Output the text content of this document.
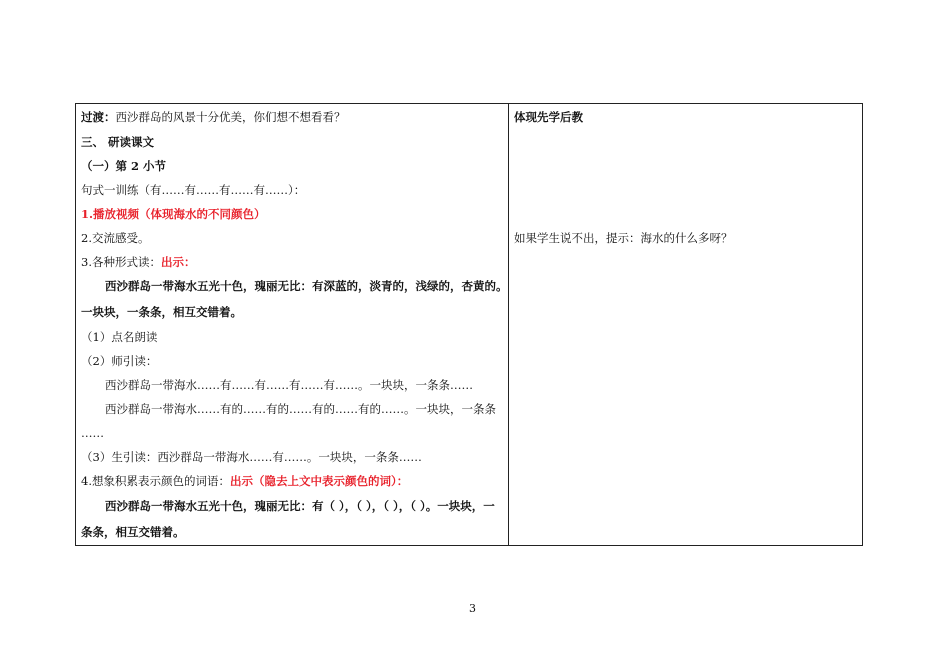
过渡：西沙群岛的风景十分优美，你们想不想看看？
三、 研读课文
（一）第 2 小节
句式一训练（有……有……有……有……）：
1.播放视频（体现海水的不同颜色）
2.交流感受。
3.各种形式读：出示：
西沙群岛一带海水五光十色，瑰丽无比：有深蓝的，淡青的，浅绿的，杏黄的。
一块块，一条条，相互交错着。
（1）点名朗读
（2）师引读：
西沙群岛一带海水……有……有……有……有……。一块块，一条条……
西沙群岛一带海水……有的……有的……有的……有的……。一块块，一条条
……
（3）生引读：西沙群岛一带海水……有……。一块块，一条条……
4.想象积累表示颜色的词语：出示（隐去上文中表示颜色的词）：
西沙群岛一带海水五光十色，瑰丽无比：有（ ），（ ），（ ），（ ）。一块块，一
条条，相互交错着。
体现先学后教
如果学生说不出，提示：海水的什么多呀？
3
